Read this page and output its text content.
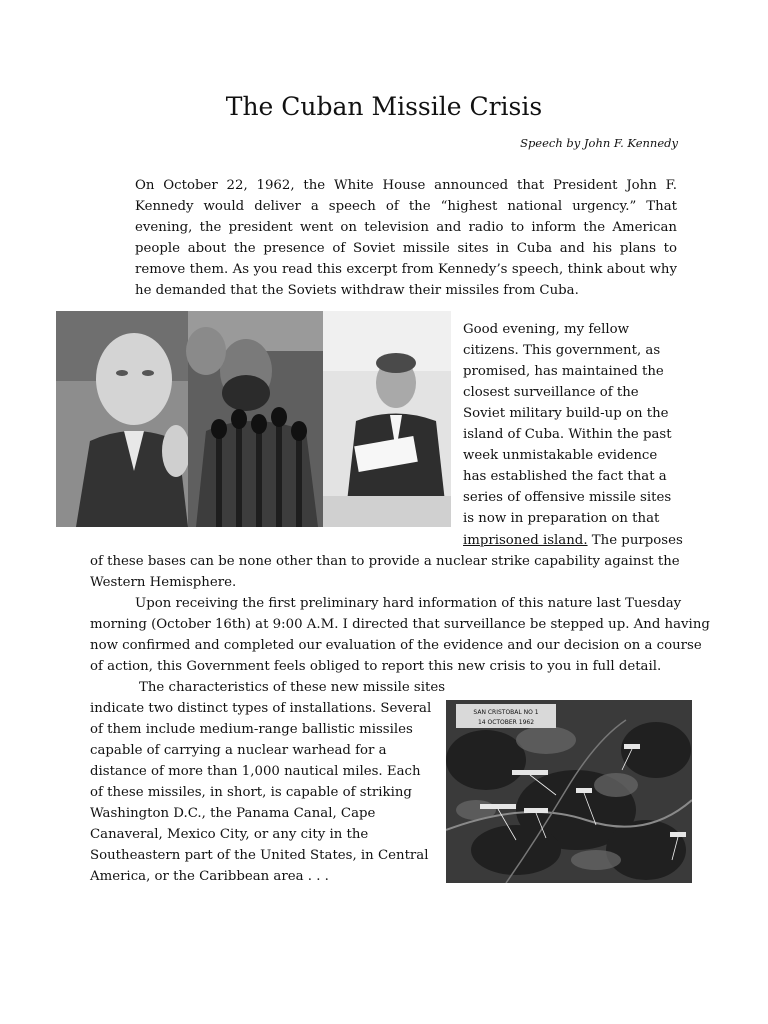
The Cuban Missile Crisis
Speech by John F. Kennedy
On October 22, 1962, the White House announced that President John F. Kennedy would deliver a speech of the “highest national urgency.” That evening, the president went on television and radio to inform the American people about the presence of Soviet missile sites in Cuba and his plans to remove them. As you read this excerpt from Kennedy’s speech, think about why he demanded that the Soviets withdraw their missiles from Cuba.
Good evening, my fellow citizens. This government, as promised, has maintained the closest surveillance of the Soviet military build-up on the island of Cuba. Within the past week unmistakable evidence has established the fact that a series of offensive missile sites is now in preparation on that
imprisoned island. The purposes
of these bases can be none other than to provide a nuclear strike capability against the
Western Hemisphere.
Upon receiving the first preliminary hard information of this nature last Tuesday
morning (October 16th) at 9:00 A.M. I directed that surveillance be stepped up. And having
now confirmed and completed our evaluation of the evidence and our decision on a course
of action, this Government feels obliged to report this new crisis to you in full detail.
The characteristics of these new missile sites
indicate two distinct types of installations. Several of them include medium-range ballistic missiles capable of carrying a nuclear warhead for a distance of more than 1,000 nautical miles. Each of these missiles, in short, is capable of striking Washington D.C., the Panama Canal, Cape Canaveral, Mexico City, or any city in the Southeastern part of the United States, in Central America, or the Caribbean area . . .
SAN CRISTOBAL NO 1
14 OCTOBER 1962
